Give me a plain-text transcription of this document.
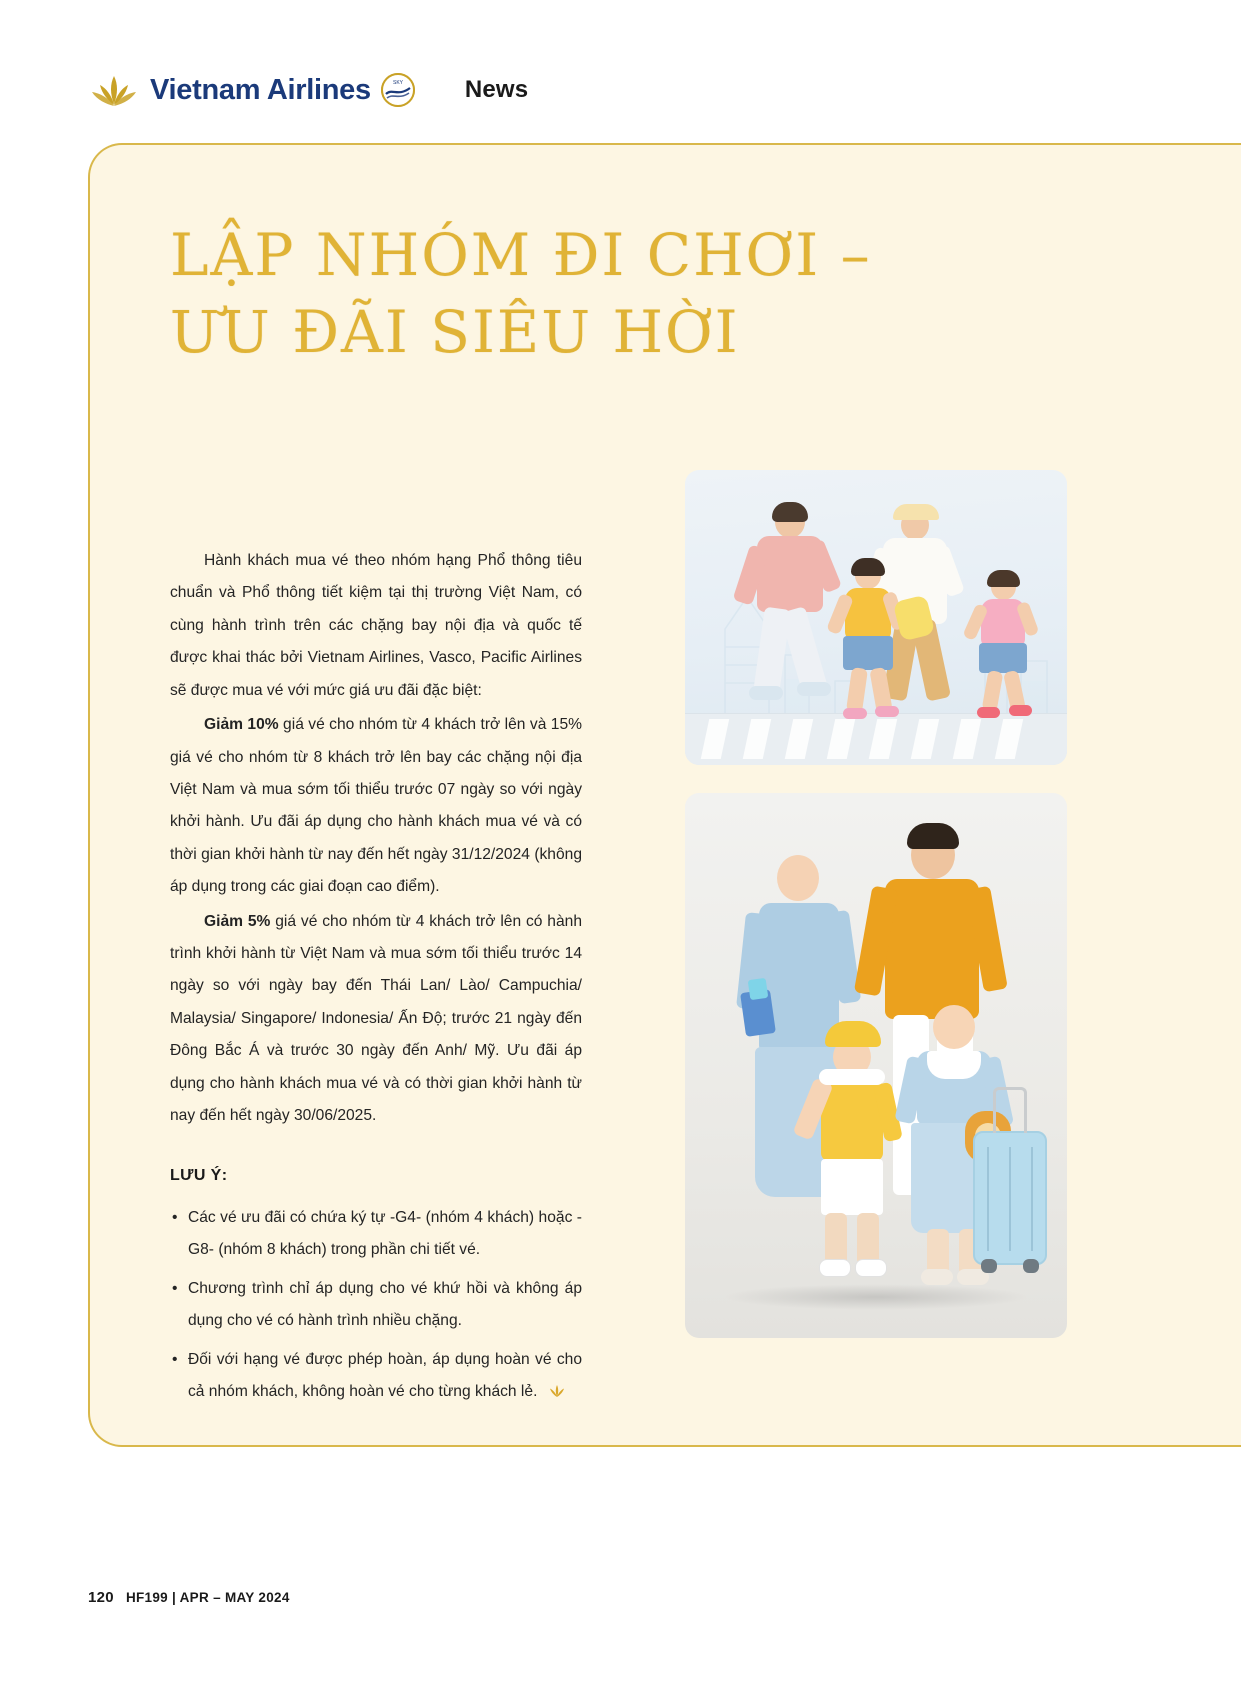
Vietnam Airlines	SKY	News
LẬP NHÓM ĐI CHƠI –
ƯU ĐÃI SIÊU HỜI

Hành khách mua vé theo nhóm hạng Phổ thông tiêu chuẩn và Phổ thông tiết kiệm tại thị trường Việt Nam, có cùng hành trình trên các chặng bay nội địa và quốc tế được khai thác bởi Vietnam Airlines, Vasco, Pacific Airlines sẽ được mua vé với mức giá ưu đãi đặc biệt:

Giảm 10% giá vé cho nhóm từ 4 khách trở lên và 15% giá vé cho nhóm từ 8 khách trở lên bay các chặng nội địa Việt Nam và mua sớm tối thiểu trước 07 ngày so với ngày khởi hành. Ưu đãi áp dụng cho hành khách mua vé và có thời gian khởi hành từ nay đến hết ngày 31/12/2024 (không áp dụng trong các giai đoạn cao điểm).

Giảm 5% giá vé cho nhóm từ 4 khách trở lên có hành trình khởi hành từ Việt Nam và mua sớm tối thiểu trước 14 ngày so với ngày bay đến Thái Lan/ Lào/ Campuchia/ Malaysia/ Singapore/ Indonesia/ Ấn Độ; trước 21 ngày đến Đông Bắc Á và trước 30 ngày đến Anh/ Mỹ. Ưu đãi áp dụng cho hành khách mua vé và có thời gian khởi hành từ nay đến hết ngày 30/06/2025.

LƯU Ý:
• Các vé ưu đãi có chứa ký tự -G4- (nhóm 4 khách) hoặc -G8- (nhóm 8 khách) trong phần chi tiết vé.
• Chương trình chỉ áp dụng cho vé khứ hồi và không áp dụng cho vé có hành trình nhiều chặng.
• Đối với hạng vé được phép hoàn, áp dụng hoàn vé cho cả nhóm khách, không hoàn vé cho từng khách lẻ.
120 HF199 | APR – MAY 2024
